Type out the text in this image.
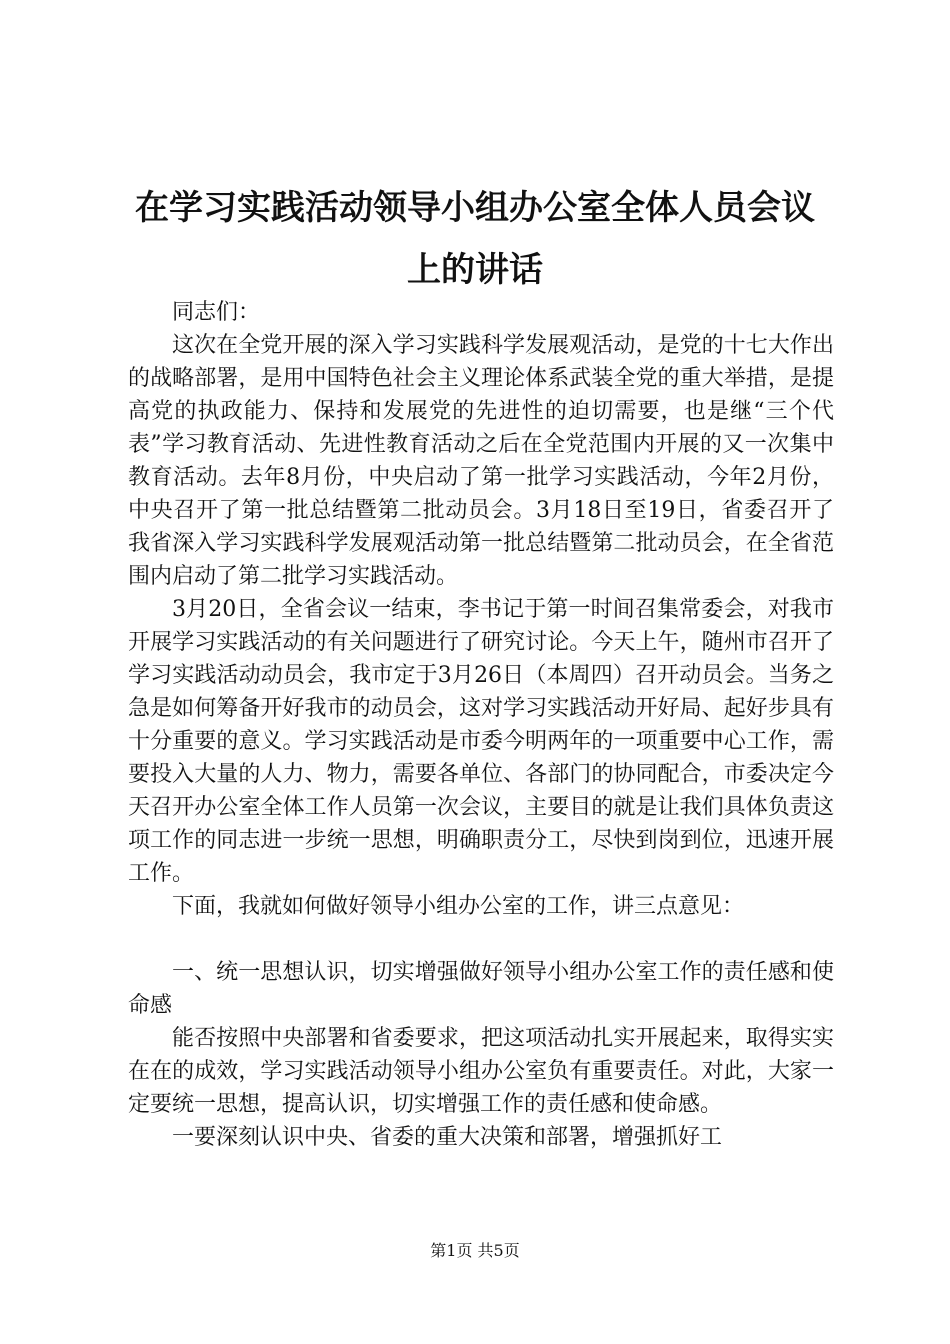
在学习实践活动领导小组办公室全体人员会议
上的讲话

同志们：

这次在全党开展的深入学习实践科学发展观活动，是党的十七大作出的战略部署，是用中国特色社会主义理论体系武装全党的重大举措，是提高党的执政能力、保持和发展党的先进性的迫切需要，也是继“三个代表”学习教育活动、先进性教育活动之后在全党范围内开展的又一次集中教育活动。去年8月份，中央启动了第一批学习实践活动，今年2月份，中央召开了第一批总结暨第二批动员会。3月18日至19日，省委召开了我省深入学习实践科学发展观活动第一批总结暨第二批动员会，在全省范围内启动了第二批学习实践活动。

3月20日，全省会议一结束，李书记于第一时间召集常委会，对我市开展学习实践活动的有关问题进行了研究讨论。今天上午，随州市召开了学习实践活动动员会，我市定于3月26日（本周四）召开动员会。当务之急是如何筹备开好我市的动员会，这对学习实践活动开好局、起好步具有十分重要的意义。学习实践活动是市委今明两年的一项重要中心工作，需要投入大量的人力、物力，需要各单位、各部门的协同配合，市委决定今天召开办公室全体工作人员第一次会议，主要目的就是让我们具体负责这项工作的同志进一步统一思想，明确职责分工，尽快到岗到位，迅速开展工作。

下面，我就如何做好领导小组办公室的工作，讲三点意见：

一、统一思想认识，切实增强做好领导小组办公室工作的责任感和使命感

能否按照中央部署和省委要求，把这项活动扎实开展起来，取得实实在在的成效，学习实践活动领导小组办公室负有重要责任。对此，大家一定要统一思想，提高认识，切实增强工作的责任感和使命感。

一要深刻认识中央、省委的重大决策和部署，增强抓好工

第1页 共5页
